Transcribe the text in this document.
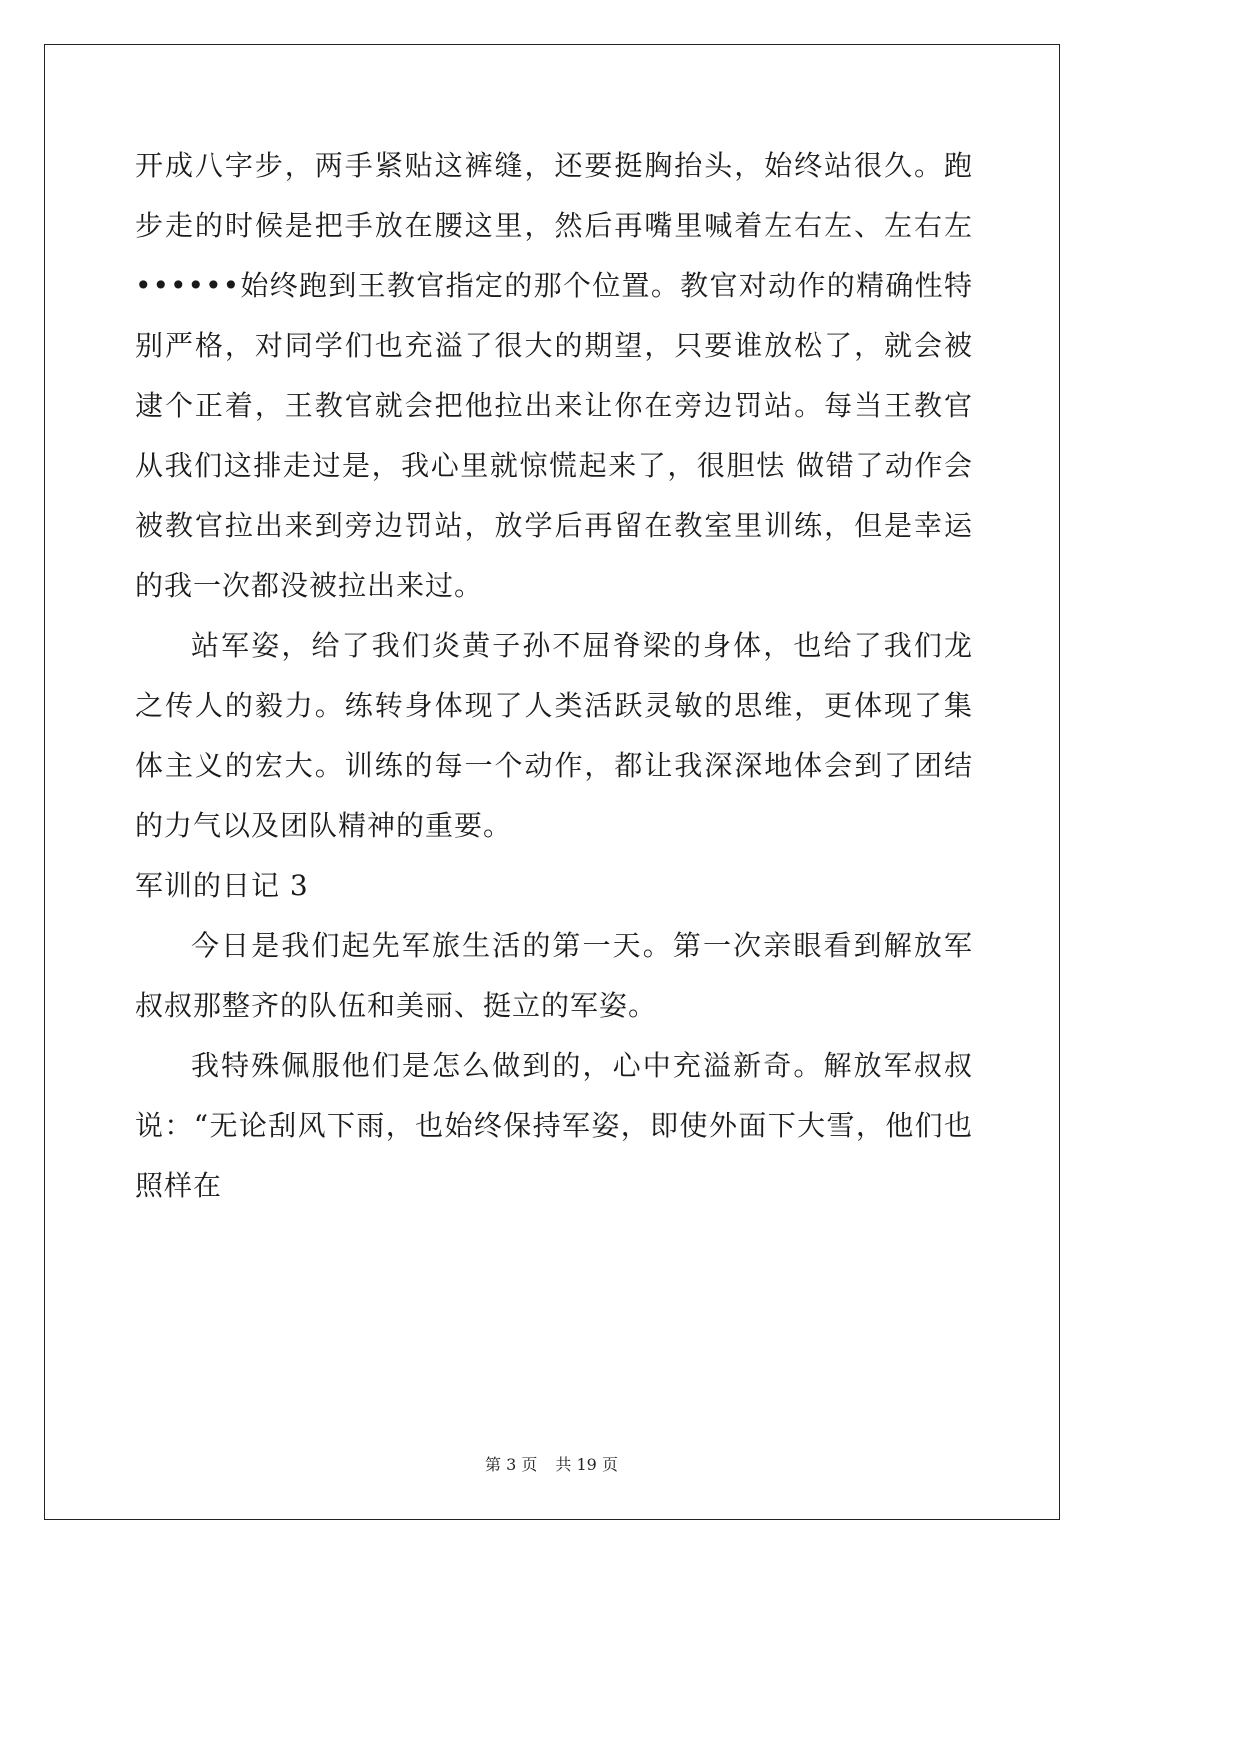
开成八字步，两手紧贴这裤缝，还要挺胸抬头，始终站很久。跑步走的时候是把手放在腰这里，然后再嘴里喊着左右左、左右左••••••始终跑到王教官指定的那个位置。教官对动作的精确性特别严格，对同学们也充溢了很大的期望，只要谁放松了，就会被逮个正着，王教官就会把他拉出来让你在旁边罚站。每当王教官从我们这排走过是，我心里就惊慌起来了，很胆怯 做错了动作会被教官拉出来到旁边罚站，放学后再留在教室里训练，但是幸运的我一次都没被拉出来过。

站军姿，给了我们炎黄子孙不屈脊梁的身体，也给了我们龙之传人的毅力。练转身体现了人类活跃灵敏的思维，更体现了集体主义的宏大。训练的每一个动作，都让我深深地体会到了团结的力气以及团队精神的重要。

军训的日记 3

今日是我们起先军旅生活的第一天。第一次亲眼看到解放军叔叔那整齐的队伍和美丽、挺立的军姿。

我特殊佩服他们是怎么做到的，心中充溢新奇。解放军叔叔说：“无论刮风下雨，也始终保持军姿，即使外面下大雪，他们也照样在

第 3 页 共 19 页
